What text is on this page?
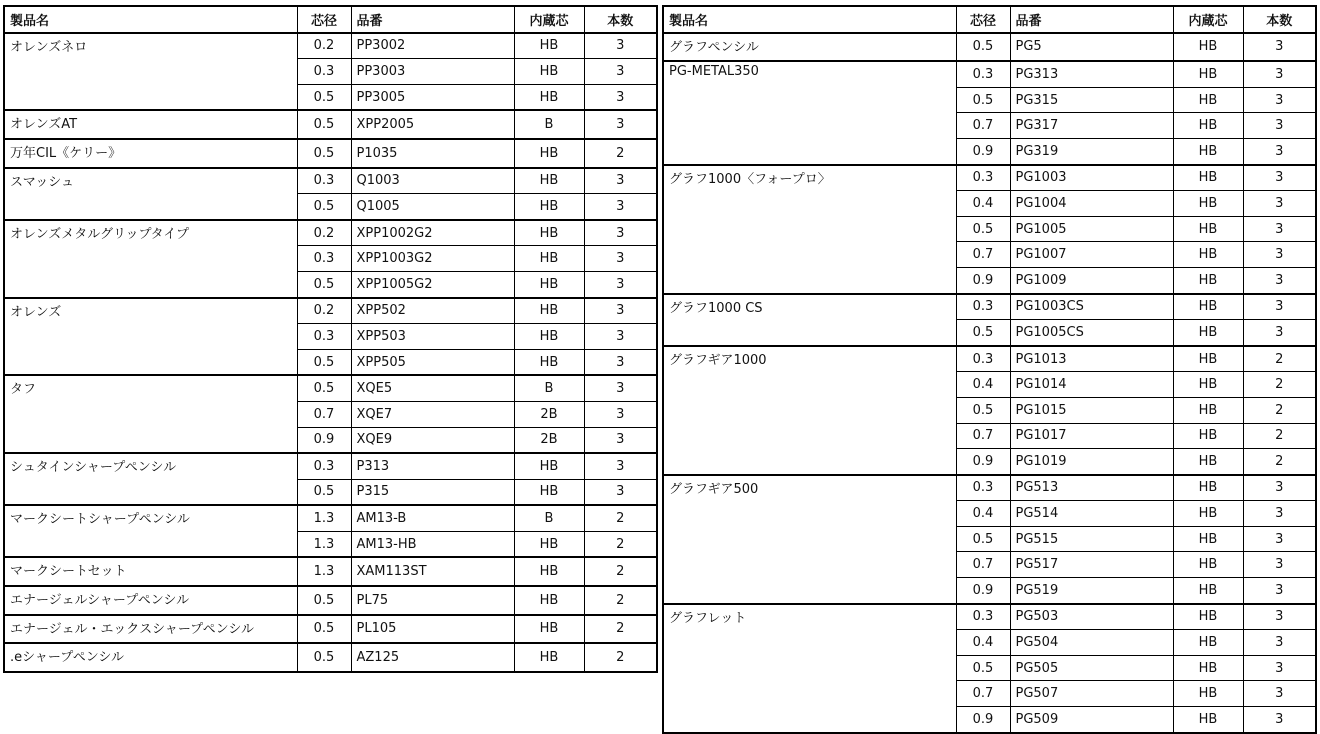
製品名	芯径	品番	内蔵芯	本数
オレンズネロ	0.2	PP3002	HB	3
	0.3	PP3003	HB	3
	0.5	PP3005	HB	3
オレンズAT	0.5	XPP2005	B	3
万年CIL《ケリー》	0.5	P1035	HB	2
スマッシュ	0.3	Q1003	HB	3
	0.5	Q1005	HB	3
オレンズメタルグリップタイプ	0.2	XPP1002G2	HB	3
	0.3	XPP1003G2	HB	3
	0.5	XPP1005G2	HB	3
オレンズ	0.2	XPP502	HB	3
	0.3	XPP503	HB	3
	0.5	XPP505	HB	3
タフ	0.5	XQE5	B	3
	0.7	XQE7	2B	3
	0.9	XQE9	2B	3
シュタインシャープペンシル	0.3	P313	HB	3
	0.5	P315	HB	3
マークシートシャープペンシル	1.3	AM13-B	B	2
	1.3	AM13-HB	HB	2
マークシートセット	1.3	XAM113ST	HB	2
エナージェルシャープペンシル	0.5	PL75	HB	2
エナージェル・エックスシャープペンシル	0.5	PL105	HB	2
.eシャープペンシル	0.5	AZ125	HB	2
製品名	芯径	品番	内蔵芯	本数
グラフペンシル	0.5	PG5	HB	3
PG-METAL350	0.3	PG313	HB	3
	0.5	PG315	HB	3
	0.7	PG317	HB	3
	0.9	PG319	HB	3
グラフ1000〈フォープロ〉	0.3	PG1003	HB	3
	0.4	PG1004	HB	3
	0.5	PG1005	HB	3
	0.7	PG1007	HB	3
	0.9	PG1009	HB	3
グラフ1000 CS	0.3	PG1003CS	HB	3
	0.5	PG1005CS	HB	3
グラフギア1000	0.3	PG1013	HB	2
	0.4	PG1014	HB	2
	0.5	PG1015	HB	2
	0.7	PG1017	HB	2
	0.9	PG1019	HB	2
グラフギア500	0.3	PG513	HB	3
	0.4	PG514	HB	3
	0.5	PG515	HB	3
	0.7	PG517	HB	3
	0.9	PG519	HB	3
グラフレット	0.3	PG503	HB	3
	0.4	PG504	HB	3
	0.5	PG505	HB	3
	0.7	PG507	HB	3
	0.9	PG509	HB	3
